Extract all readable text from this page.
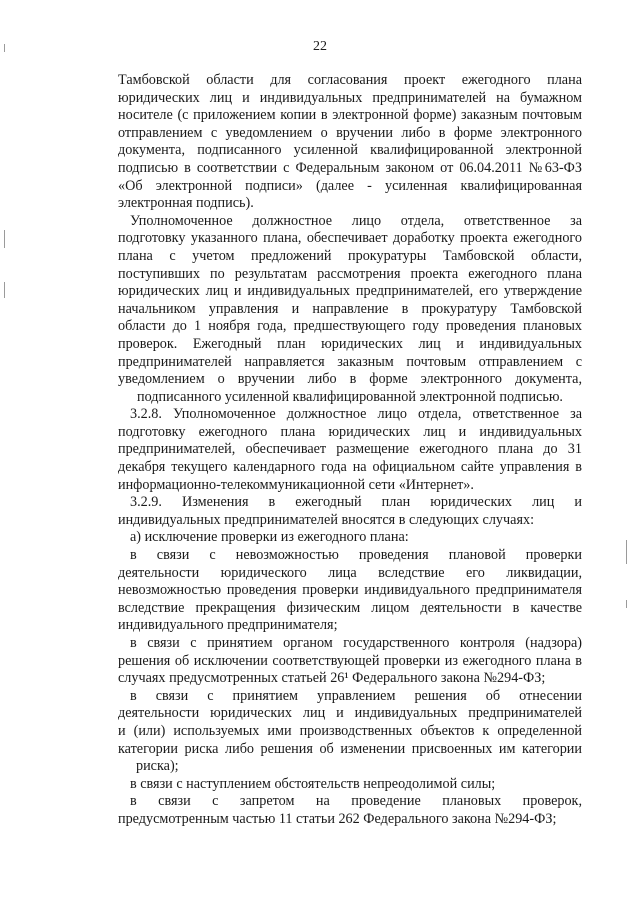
22
Тамбовской области для согласования проект ежегодного плана
юридических лиц и индивидуальных предпринимателей на бумажном
носителе (с приложением копии в электронной форме) заказным почтовым
отправлением с уведомлением о вручении либо в форме электронного
документа, подписанного усиленной квалифицированной электронной
подписью в соответствии с Федеральным законом от 06.04.2011 №63-ФЗ
«Об электронной подписи» (далее - усиленная квалифицированная
электронная подпись).
Уполномоченное должностное лицо отдела, ответственное за
подготовку указанного плана, обеспечивает доработку проекта ежегодного
плана с учетом предложений прокуратуры Тамбовской области,
поступивших по результатам рассмотрения проекта ежегодного плана
юридических лиц и индивидуальных предпринимателей, его утверждение
начальником управления и направление в прокуратуру Тамбовской
области до 1 ноября года, предшествующего году проведения плановых
проверок. Ежегодный план юридических лиц и индивидуальных
предпринимателей направляется заказным почтовым отправлением с
уведомлением о вручении либо в форме электронного документа,
подписанного усиленной квалифицированной электронной подписью.
3.2.8. Уполномоченное должностное лицо отдела, ответственное за
подготовку ежегодного плана юридических лиц и индивидуальных
предпринимателей, обеспечивает размещение ежегодного плана до 31
декабря текущего календарного года на официальном сайте управления в
информационно-телекоммуникационной сети «Интернет».
3.2.9. Изменения в ежегодный план юридических лиц и
индивидуальных предпринимателей вносятся в следующих случаях:
а) исключение проверки из ежегодного плана:
в связи с невозможностью проведения плановой проверки
деятельности юридического лица вследствие его ликвидации,
невозможностью проведения проверки индивидуального предпринимателя
вследствие прекращения физическим лицом деятельности в качестве
индивидуального предпринимателя;
в связи с принятием органом государственного контроля (надзора)
решения об исключении соответствующей проверки из ежегодного плана в
случаях предусмотренных статьей 26¹ Федерального закона №294-ФЗ;
в связи с принятием управлением решения об отнесении
деятельности юридических лиц и индивидуальных предпринимателей
и (или) используемых ими производственных объектов к определенной
категории риска либо решения об изменении присвоенных им категории
риска);
в связи с наступлением обстоятельств непреодолимой силы;
в связи с запретом на проведение плановых проверок,
предусмотренным частью 11 статьи 262 Федерального закона №294-ФЗ;
